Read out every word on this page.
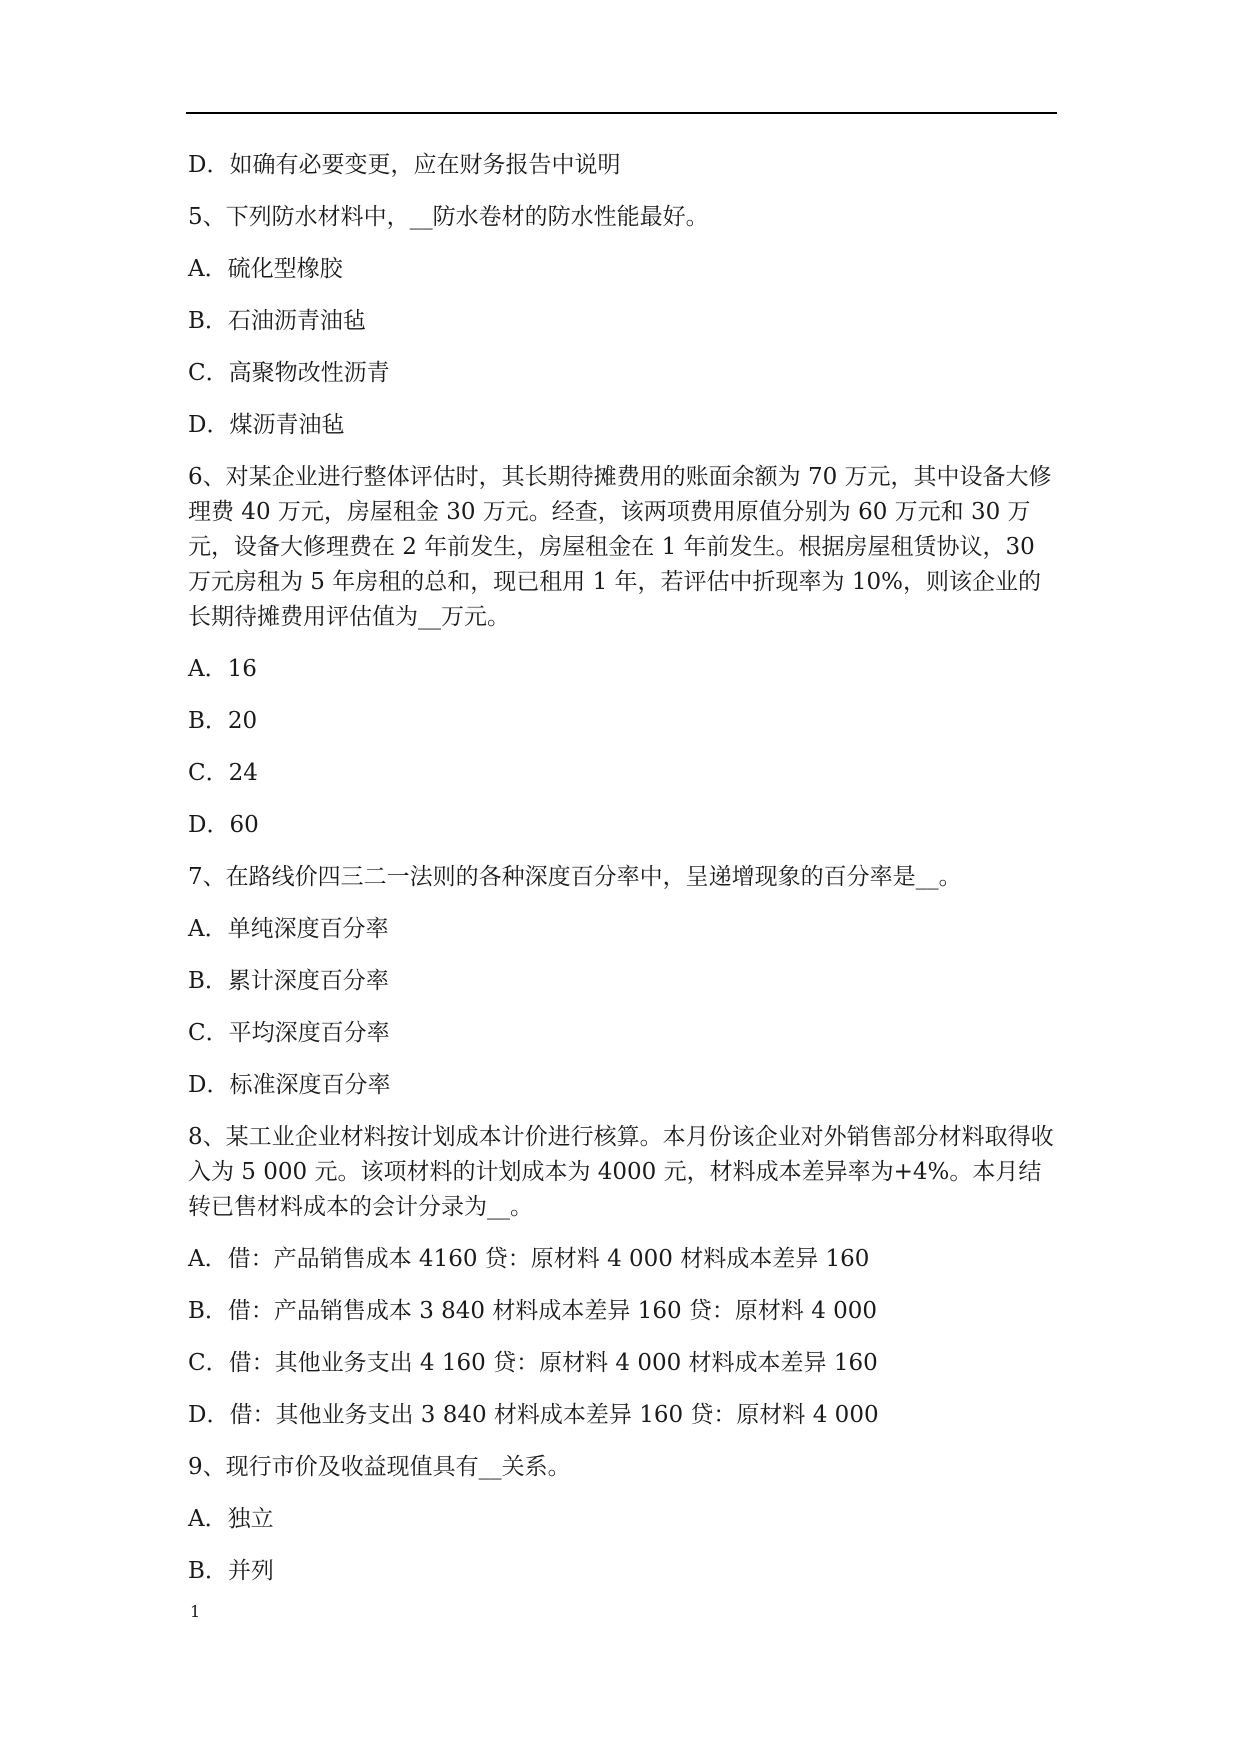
D．如确有必要变更，应在财务报告中说明
5、下列防水材料中，__防水卷材的防水性能最好。
A．硫化型橡胶
B．石油沥青油毡
C．高聚物改性沥青
D．煤沥青油毡
6、对某企业进行整体评估时，其长期待摊费用的账面余额为 70 万元，其中设备大修理费 40 万元，房屋租金 30 万元。经查，该两项费用原值分别为 60 万元和 30 万元，设备大修理费在 2 年前发生，房屋租金在 1 年前发生。根据房屋租赁协议，30 万元房租为 5 年房租的总和，现已租用 1 年，若评估中折现率为 10%，则该企业的长期待摊费用评估值为__万元。
A．16
B．20
C．24
D．60
7、在路线价四三二一法则的各种深度百分率中，呈递增现象的百分率是__。
A．单纯深度百分率
B．累计深度百分率
C．平均深度百分率
D．标准深度百分率
8、某工业企业材料按计划成本计价进行核算。本月份该企业对外销售部分材料取得收入为 5 000 元。该项材料的计划成本为 4000 元，材料成本差异率为+4%。本月结转已售材料成本的会计分录为__。
A．借：产品销售成本 4160 贷：原材料 4 000 材料成本差异 160
B．借：产品销售成本 3 840 材料成本差异 160 贷：原材料 4 000
C．借：其他业务支出 4 160 贷：原材料 4 000 材料成本差异 160
D．借：其他业务支出 3 840 材料成本差异 160 贷：原材料 4 000
9、现行市价及收益现值具有__关系。
A．独立
B．并列
1
